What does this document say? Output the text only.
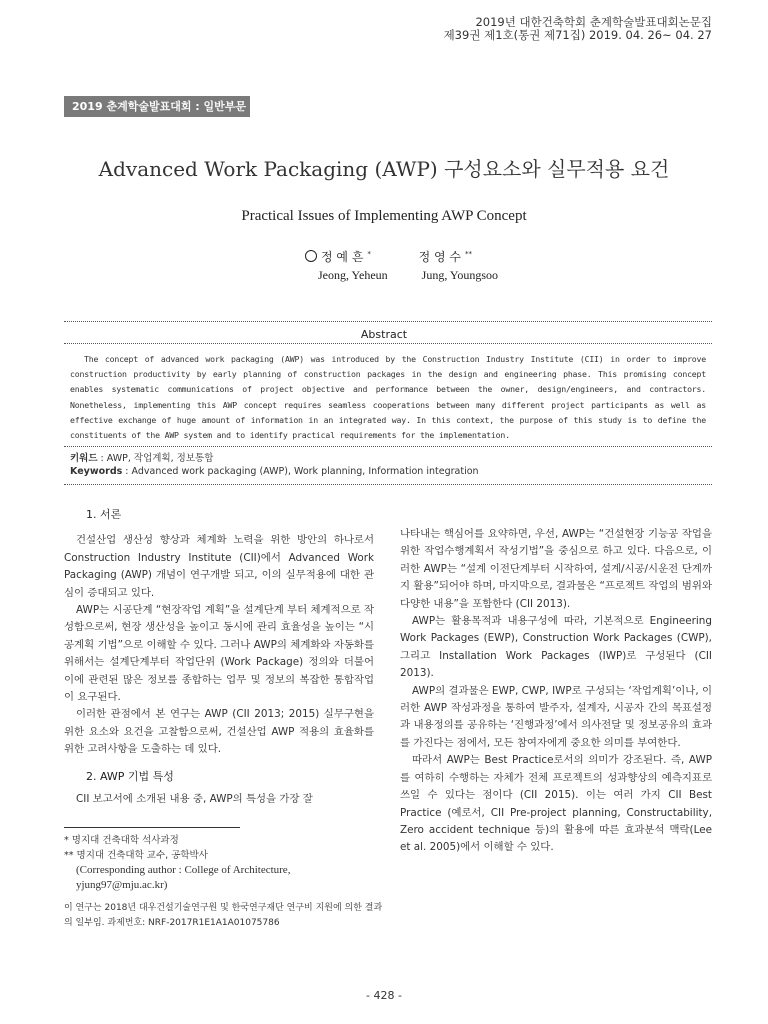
2019년 대한건축학회 춘계학술발표대회논문집
제39권 제1호(통권 제71집) 2019. 04. 26~ 04. 27
2019 춘계학술발표대회 : 일반부문
Advanced Work Packaging (AWP) 구성요소와 실무적용 요건
Practical Issues of Implementing AWP Concept
정 예 흔 *	정 영 수 **
Jeong, Yeheun	Jung, Youngsoo
Abstract
The concept of advanced work packaging (AWP) was introduced by the Construction Industry Institute (CII) in order to improve construction productivity by early planning of construction packages in the design and engineering phase. This promising concept enables systematic communications of project objective and performance between the owner, design/engineers, and contractors. Nonetheless, implementing this AWP concept requires seamless cooperations between many different project participants as well as effective exchange of huge amount of information in an integrated way. In this context, the purpose of this study is to define the constituents of the AWP system and to identify practical requirements for the implementation.
키워드 : AWP, 작업계획, 정보통합
Keywords : Advanced work packaging (AWP), Work planning, Information integration

1. 서론

건설산업 생산성 향상과 체계화 노력을 위한 방안의 하나로서 Construction Industry Institute (CII)에서 Advanced Work Packaging (AWP) 개념이 연구개발 되고, 이의 실무적용에 대한 관심이 증대되고 있다.

AWP는 시공단계 “현장작업 계획”을 설계단계 부터 체계적으로 작성함으로써, 현장 생산성을 높이고 동시에 관리 효율성을 높이는 “시공계획 기법”으로 이해할 수 있다. 그러나 AWP의 체계화와 자동화를 위해서는 설계단계부터 작업단위 (Work Package) 정의와 더불어 이에 관련된 많은 정보를 종합하는 업무 및 정보의 복잡한 통합작업이 요구된다.

이러한 관점에서 본 연구는 AWP (CII 2013; 2015) 실무구현을 위한 요소와 요건을 고찰함으로써, 건설산업 AWP 적용의 효율화를 위한 고려사항을 도출하는 데 있다.

2. AWP 기법 특성

CII 보고서에 소개된 내용 중, AWP의 특성을 가장 잘

* 명지대 건축대학 석사과정
** 명지대 건축대학 교수, 공학박사
(Corresponding author : College of Architecture,
yjung97@mju.ac.kr)
이 연구는 2018년 대우건설기술연구원 및 한국연구재단 연구비 지원에 의한 결과의 일부임. 과제번호: NRF-2017R1E1A1A01075786

나타내는 핵심어를 요약하면, 우선, AWP는 “건설현장 기능공 작업을 위한 작업수행계획서 작성기법”을 중심으로 하고 있다. 다음으로, 이러한 AWP는 “설계 이전단계부터 시작하여, 설계/시공/시운전 단계까지 활용”되어야 하며, 마지막으로, 결과물은 “프로젝트 작업의 범위와 다양한 내용”을 포함한다 (CII 2013).

AWP는 활용목적과 내용구성에 따라, 기본적으로 Engineering Work Packages (EWP), Construction Work Packages (CWP), 그리고 Installation Work Packages (IWP)로 구성된다 (CII 2013).

AWP의 결과물은 EWP, CWP, IWP로 구성되는 ‘작업계획’이나, 이러한 AWP 작성과정을 통하여 발주자, 설계자, 시공자 간의 목표설정과 내용정의를 공유하는 ‘진행과정’에서 의사전달 및 정보공유의 효과를 가진다는 점에서, 모든 참여자에게 중요한 의미를 부여한다.

따라서 AWP는 Best Practice로서의 의미가 강조된다. 즉, AWP를 여하히 수행하는 자체가 전체 프로젝트의 성과향상의 예측지표로 쓰일 수 있다는 점이다 (CII 2015). 이는 여러 가지 CII Best Practice (예로서, CII Pre-project planning, Constructability, Zero accident technique 등)의 활용에 따른 효과분석 맥락(Lee et al. 2005)에서 이해할 수 있다.

- 428 -
